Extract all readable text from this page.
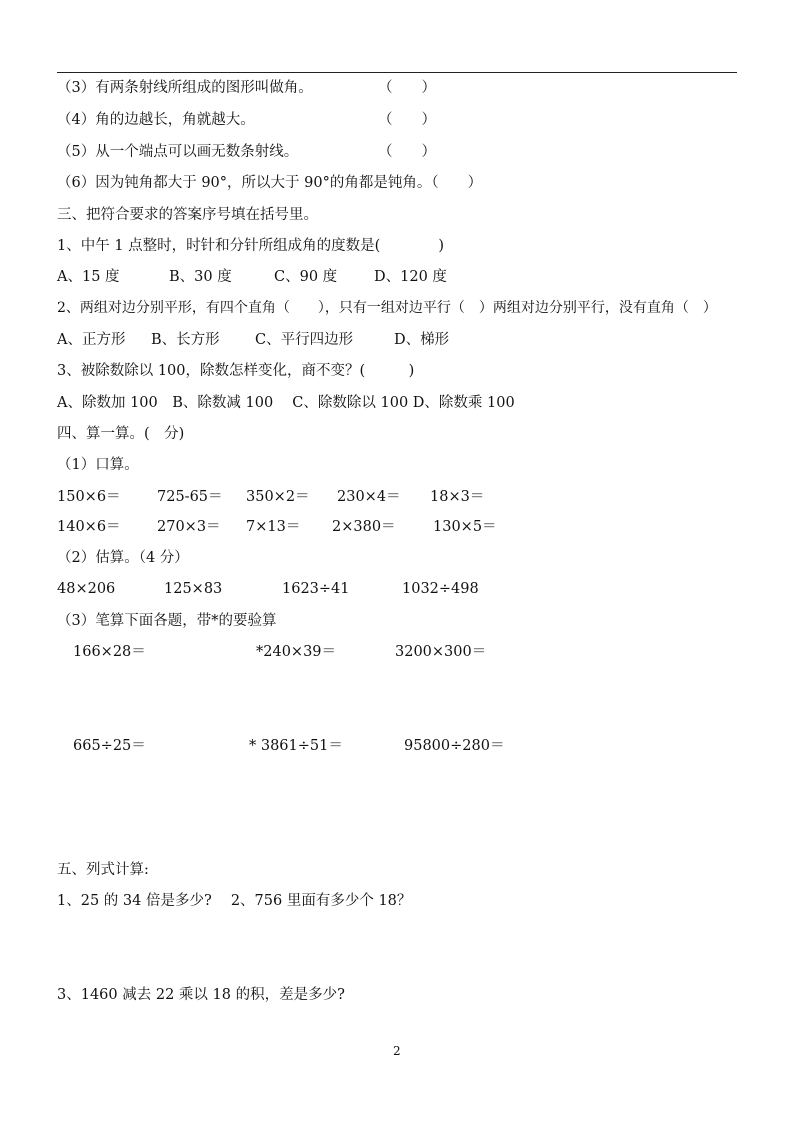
（3）有两条射线所组成的图形叫做角。	（　　）
（4）角的边越长，角就越大。	（　　）
（5）从一个端点可以画无数条射线。	（　　）
（6）因为钝角都大于 90°，所以大于 90°的角都是钝角。（　　）
三、把符合要求的答案序号填在括号里。
1、中午 1 点整时，时针和分针所组成角的度数是(　　　　)
A、15 度	B、30 度	C、90 度	D、120 度
2、两组对边分别平形，有四个直角（　　），只有一组对边平行（　）两组对边分别平行，没有直角（　）
A、正方形 B、长方形 C、平行四边形	D、梯形
3、被除数除以 100，除数怎样变化，商不变？(　　　)
A、除数加 100　B、除数减 100　 C、除数除以 100 D、除数乘 100
四、算一算。(　分)
（1）口算。
150×6＝	725-65＝ 350×2＝ 230×4＝ 18×3＝
140×6＝	270×3＝ 7×13＝ 2×380＝	130×5＝
（2）估算。（4 分）
48×206	125×83	1623÷41	1032÷498
（3）笔算下面各题，带*的要验算
166×28＝	*240×39＝	3200×300＝
665÷25＝	* 3861÷51＝	95800÷280＝
五、列式计算:
1、25 的 34 倍是多少?　 2、756 里面有多少个 18？
3、1460 减去 22 乘以 18 的积，差是多少?
2
